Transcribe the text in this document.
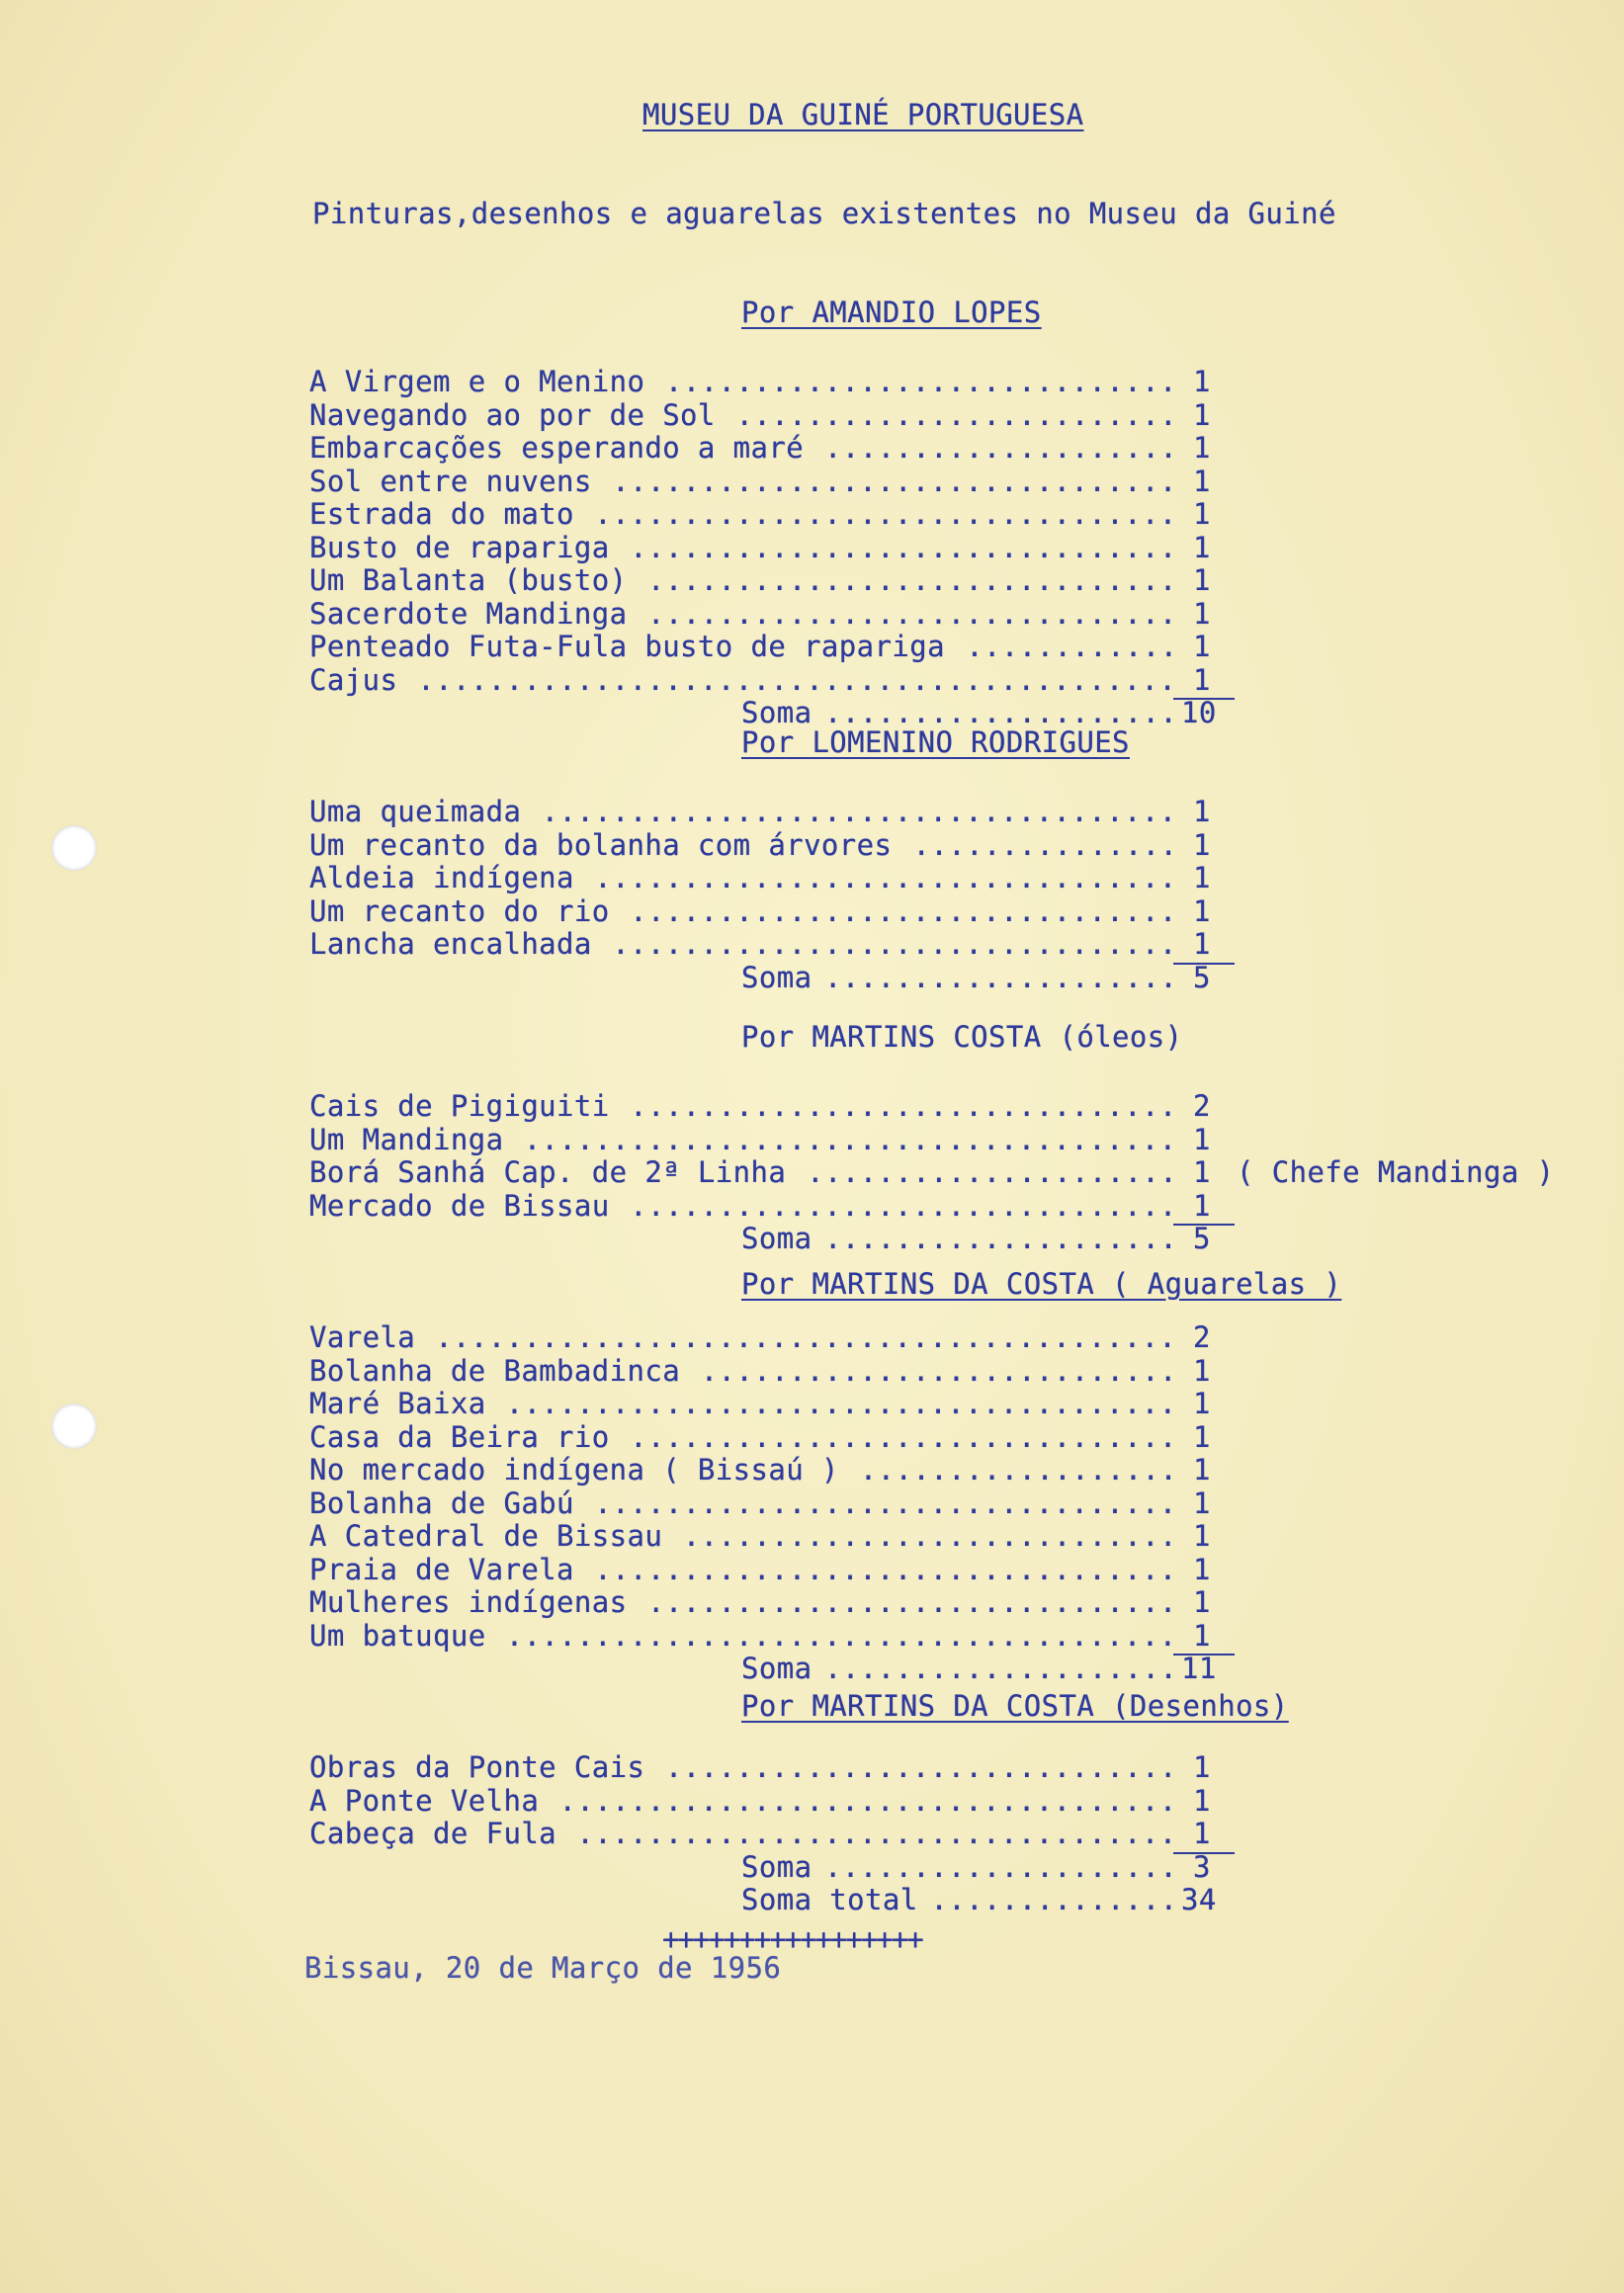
MUSEU DA GUINÉ PORTUGUESA
Pinturas,desenhos e aguarelas existentes no Museu da Guiné
Por AMANDIO LOPES
A Virgem e o Menino ............................. 1
Navegando ao por de Sol ......................... 1
Embarcações esperando a maré .................... 1
Sol entre nuvens ................................ 1
Estrada do mato ................................. 1
Busto de rapariga ............................... 1
Um Balanta (busto) .............................. 1
Sacerdote Mandinga .............................. 1
Penteado Futa-Fula busto de rapariga ............ 1
Cajus ........................................... 1
Soma .................... 10
Por LOMENINO RODRIGUES
Uma queimada .................................... 1
Um recanto da bolanha com árvores ............... 1
Aldeia indígena ................................. 1
Um recanto do rio ............................... 1
Lancha encalhada ................................ 1
Soma .................... 5
Por MARTINS COSTA (óleos)
Cais de Pigiguiti ............................... 2
Um Mandinga ..................................... 1
Borá Sanhá Cap. de 2ª Linha ..................... 1 ( Chefe Mandinga )
Mercado de Bissau ............................... 1
Soma .................... 5
Por MARTINS DA COSTA ( Aguarelas )
Varela .......................................... 2
Bolanha de Bambadinca ........................... 1
Maré Baixa ...................................... 1
Casa da Beira rio ............................... 1
No mercado indígena ( Bissaú ) .................. 1
Bolanha de Gabú ................................. 1
A Catedral de Bissau ............................ 1
Praia de Varela ................................. 1
Mulheres indígenas .............................. 1
Um batuque ...................................... 1
Soma .................... 11
Por MARTINS DA COSTA (Desenhos)
Obras da Ponte Cais ............................. 1
A Ponte Velha ................................... 1
Cabeça de Fula .................................. 1
Soma .................... 3
Soma total .............. 34
+++++++++++++++++
Bissau, 20 de Março de 1956
